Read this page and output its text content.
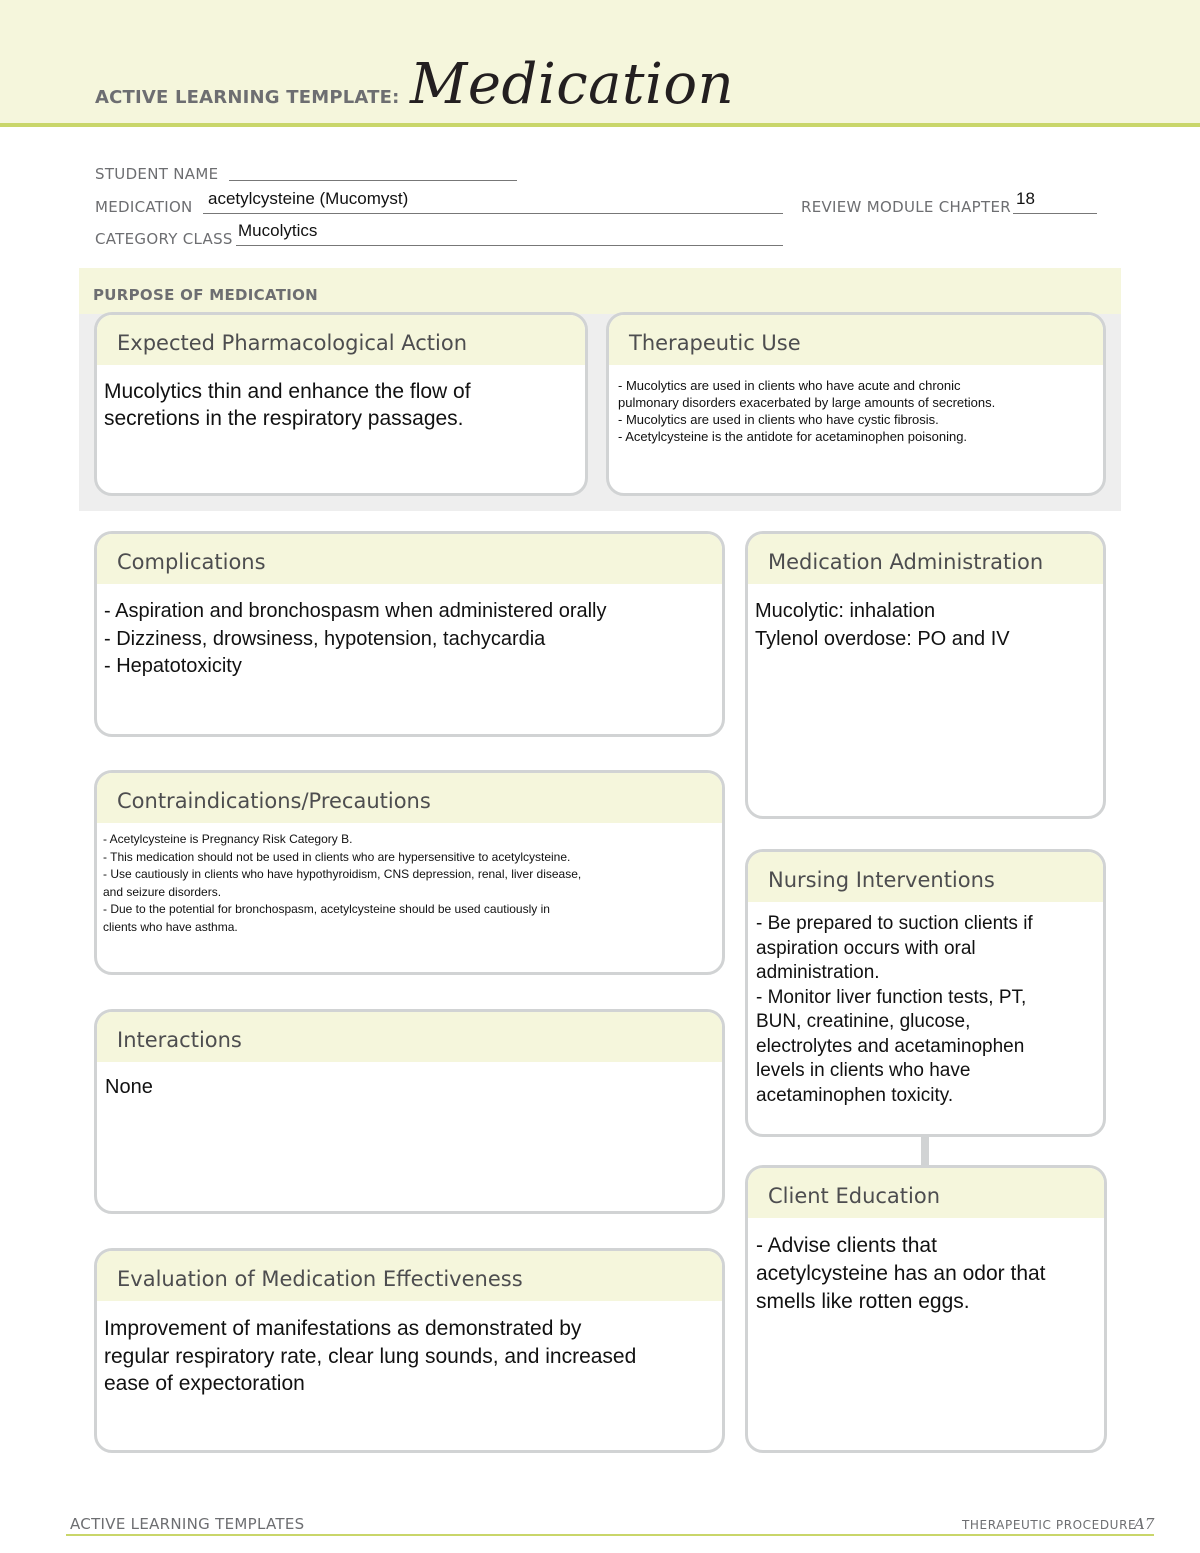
ACTIVE LEARNING TEMPLATE: Medication
STUDENT NAME
MEDICATION acetylcysteine (Mucomyst)	REVIEW MODULE CHAPTER 18
CATEGORY CLASS Mucolytics
PURPOSE OF MEDICATION
Expected Pharmacological Action
Mucolytics thin and enhance the flow of
secretions in the respiratory passages.
Therapeutic Use
- Mucolytics are used in clients who have acute and chronic
pulmonary disorders exacerbated by large amounts of secretions.
- Mucolytics are used in clients who have cystic fibrosis.
- Acetylcysteine is the antidote for acetaminophen poisoning.
Complications
- Aspiration and bronchospasm when administered orally
- Dizziness, drowsiness, hypotension, tachycardia
- Hepatotoxicity
Medication Administration
Mucolytic: inhalation
Tylenol overdose: PO and IV
Contraindications/Precautions
- Acetylcysteine is Pregnancy Risk Category B.
- This medication should not be used in clients who are hypersensitive to acetylcysteine.
- Use cautiously in clients who have hypothyroidism, CNS depression, renal, liver disease,
and seizure disorders.
- Due to the potential for bronchospasm, acetylcysteine should be used cautiously in
clients who have asthma.
Nursing Interventions
- Be prepared to suction clients if
aspiration occurs with oral
administration.
- Monitor liver function tests, PT,
BUN, creatinine, glucose,
electrolytes and acetaminophen
levels in clients who have
acetaminophen toxicity.
Interactions
None
Client Education
- Advise clients that
acetylcysteine has an odor that
smells like rotten eggs.
Evaluation of Medication Effectiveness
Improvement of manifestations as demonstrated by
regular respiratory rate, clear lung sounds, and increased
ease of expectoration
ACTIVE LEARNING TEMPLATES	THERAPEUTIC PROCEDURE
A7
